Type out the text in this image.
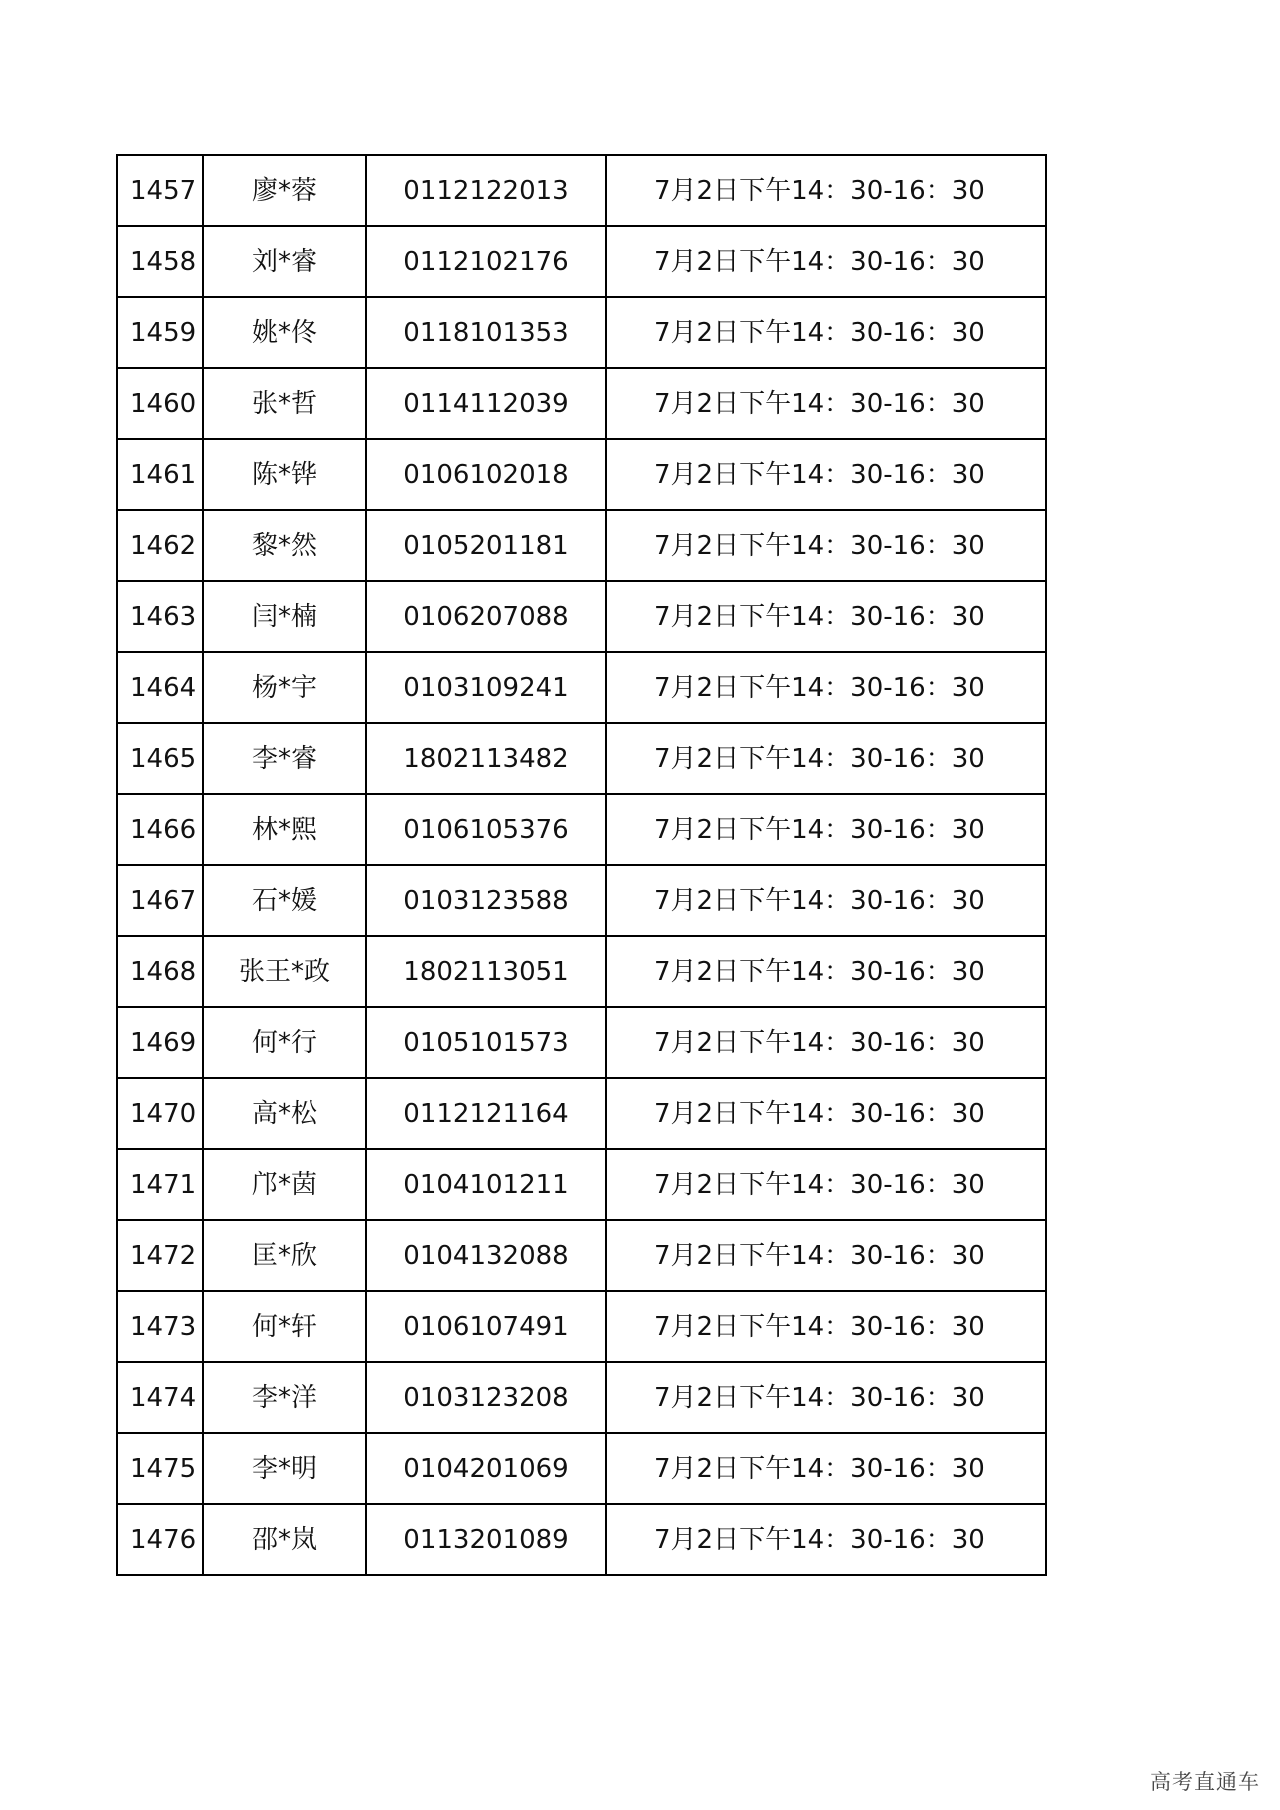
1457	廖*蓉	0112122013	7月2日下午14：30-16：30
1458	刘*睿	0112102176	7月2日下午14：30-16：30
1459	姚*佟	0118101353	7月2日下午14：30-16：30
1460	张*哲	0114112039	7月2日下午14：30-16：30
1461	陈*铧	0106102018	7月2日下午14：30-16：30
1462	黎*然	0105201181	7月2日下午14：30-16：30
1463	闫*楠	0106207088	7月2日下午14：30-16：30
1464	杨*宇	0103109241	7月2日下午14：30-16：30
1465	李*睿	1802113482	7月2日下午14：30-16：30
1466	林*熙	0106105376	7月2日下午14：30-16：30
1467	石*媛	0103123588	7月2日下午14：30-16：30
1468	张王*政	1802113051	7月2日下午14：30-16：30
1469	何*行	0105101573	7月2日下午14：30-16：30
1470	高*松	0112121164	7月2日下午14：30-16：30
1471	邝*茵	0104101211	7月2日下午14：30-16：30
1472	匡*欣	0104132088	7月2日下午14：30-16：30
1473	何*轩	0106107491	7月2日下午14：30-16：30
1474	李*洋	0103123208	7月2日下午14：30-16：30
1475	李*明	0104201069	7月2日下午14：30-16：30
1476	邵*岚	0113201089	7月2日下午14：30-16：30
高考直通车
